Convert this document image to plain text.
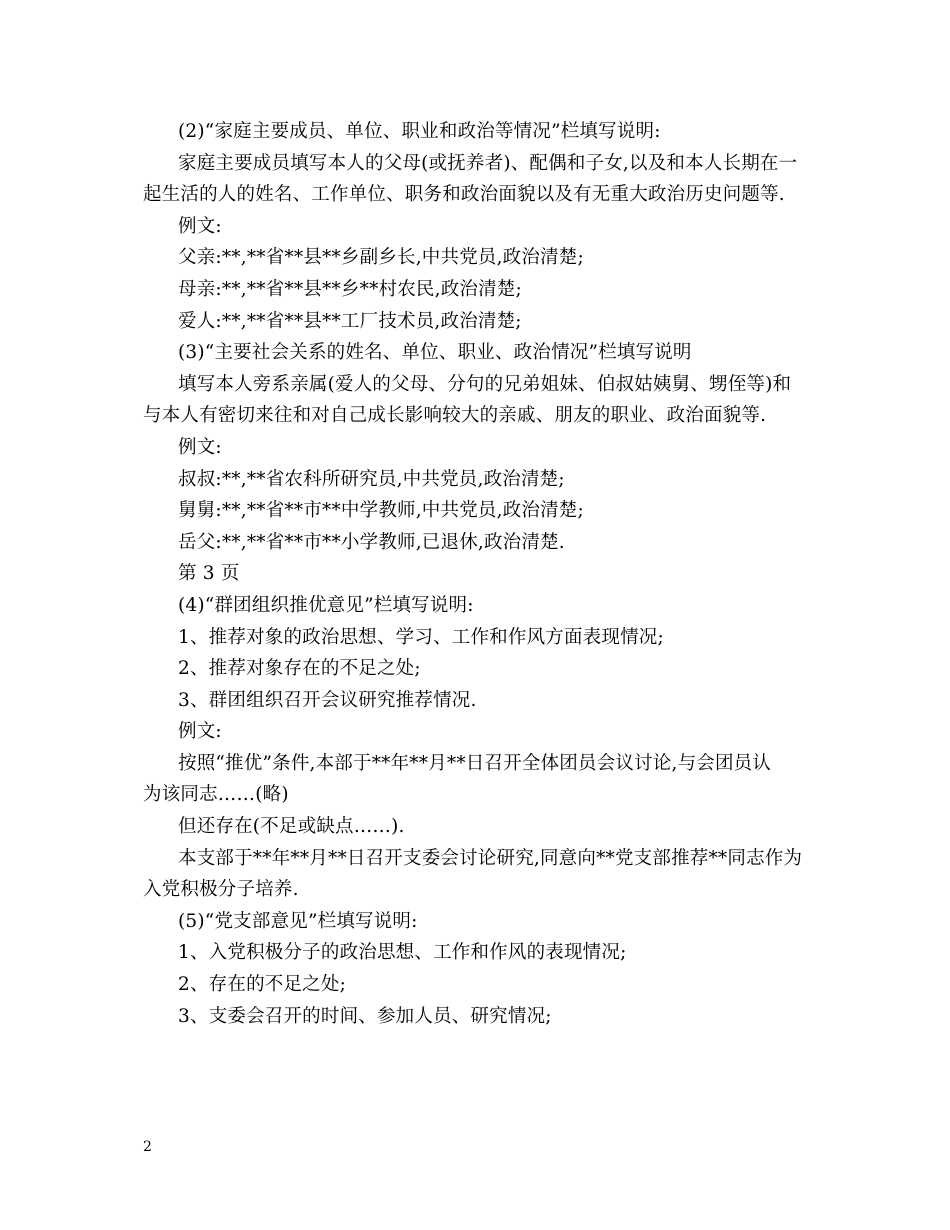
(2)“家庭主要成员、单位、职业和政治等情况”栏填写说明:
家庭主要成员填写本人的父母(或抚养者)、配偶和子女,以及和本人长期在一
起生活的人的姓名、工作单位、职务和政治面貌以及有无重大政治历史问题等.
例文:
父亲:**,**省**县**乡副乡长,中共党员,政治清楚;
母亲:**,**省**县**乡**村农民,政治清楚;
爱人:**,**省**县**工厂技术员,政治清楚;
(3)“主要社会关系的姓名、单位、职业、政治情况”栏填写说明
填写本人旁系亲属(爱人的父母、分句的兄弟姐妹、伯叔姑姨舅、甥侄等)和
与本人有密切来往和对自己成长影响较大的亲戚、朋友的职业、政治面貌等.
例文:
叔叔:**,**省农科所研究员,中共党员,政治清楚;
舅舅:**,**省**市**中学教师,中共党员,政治清楚;
岳父:**,**省**市**小学教师,已退休,政治清楚.
第 3 页
(4)“群团组织推优意见”栏填写说明:
1、推荐对象的政治思想、学习、工作和作风方面表现情况;
2、推荐对象存在的不足之处;
3、群团组织召开会议研究推荐情况.
例文:
按照“推优”条件,本部于**年**月**日召开全体团员会议讨论,与会团员认
为该同志……(略)
但还存在(不足或缺点……).
本支部于**年**月**日召开支委会讨论研究,同意向**党支部推荐**同志作为
入党积极分子培养.
(5)“党支部意见”栏填写说明:
1、入党积极分子的政治思想、工作和作风的表现情况;
2、存在的不足之处;
3、支委会召开的时间、参加人员、研究情况;
2
